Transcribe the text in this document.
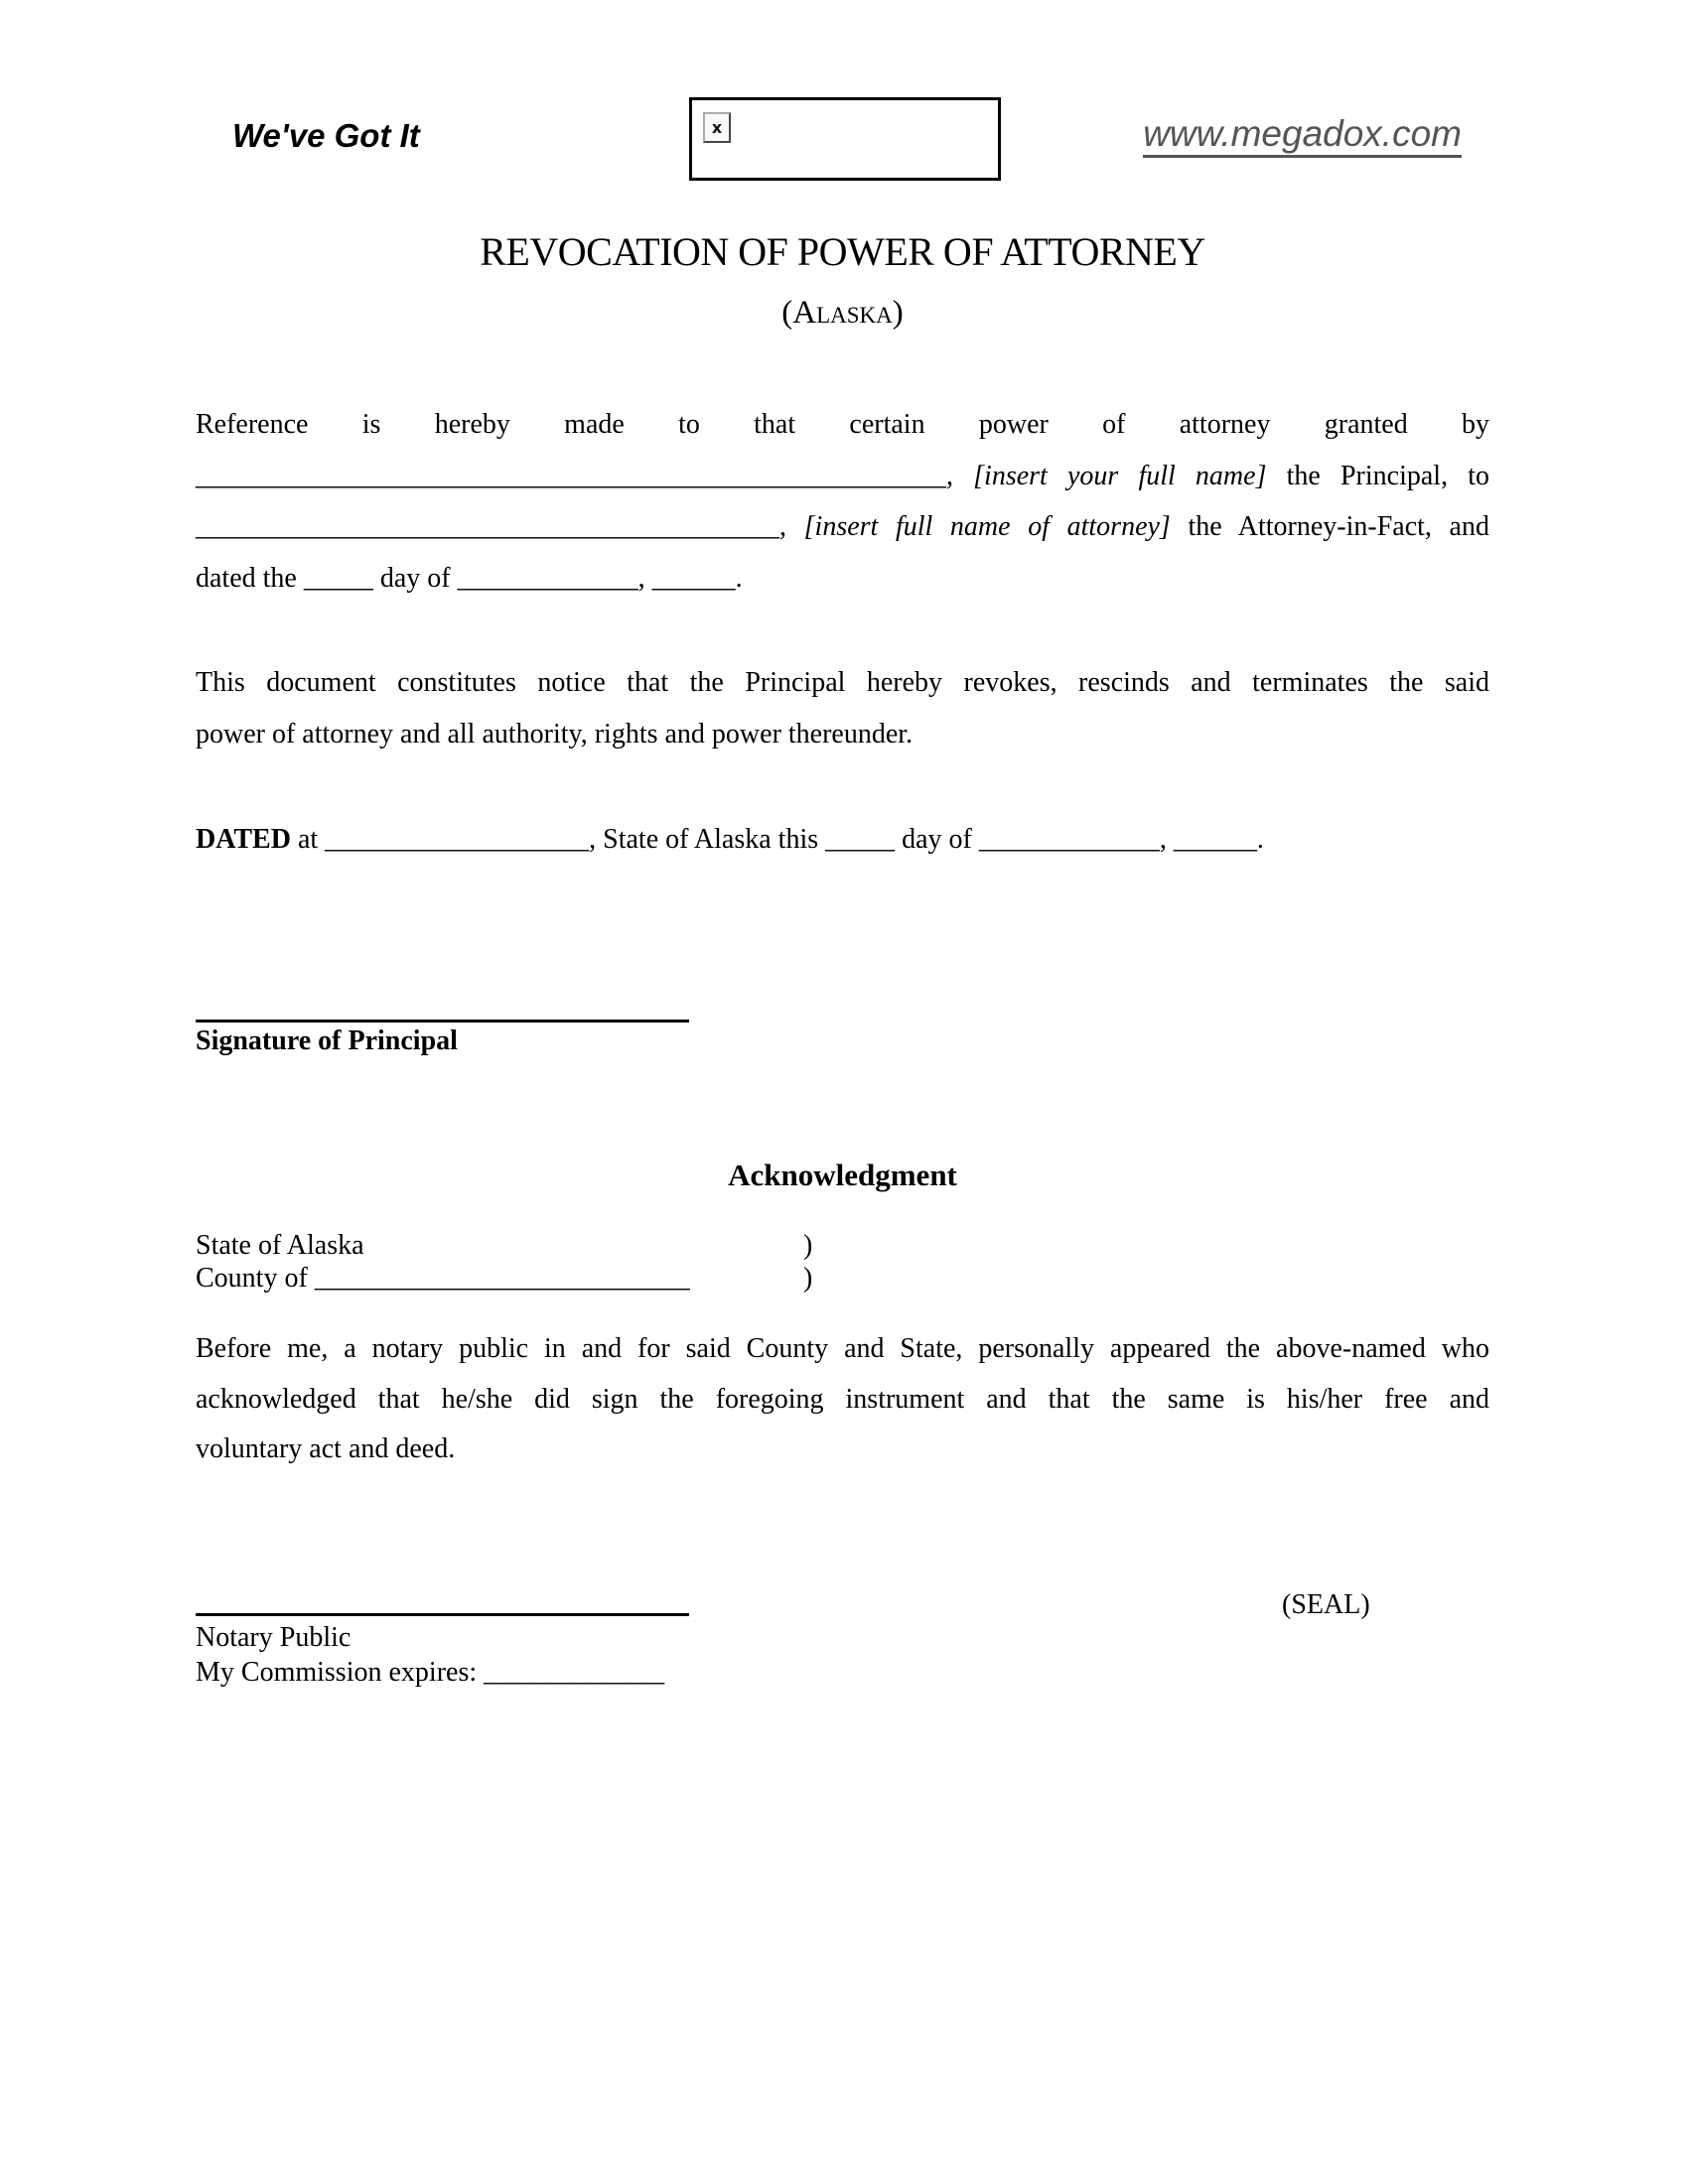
We've Got It	x	www.megadox.com
REVOCATION OF POWER OF ATTORNEY
(Alaska)
Reference is hereby made to that certain power of attorney granted by
______________________________________________________, [insert your full name] the Principal, to
__________________________________________, [insert full name of attorney] the Attorney-in-Fact, and
dated the _____ day of _____________, ______.
This document constitutes notice that the Principal hereby revokes, rescinds and terminates the said
power of attorney and all authority, rights and power thereunder.
DATED at ___________________, State of Alaska this _____ day of _____________, ______.
Signature of Principal
Acknowledgment
State of Alaska	)
County of ___________________________	)
Before me, a notary public in and for said County and State, personally appeared the above-named who
acknowledged that he/she did sign the foregoing instrument and that the same is his/her free and
voluntary act and deed.
(SEAL)
Notary Public
My Commission expires: _____________
